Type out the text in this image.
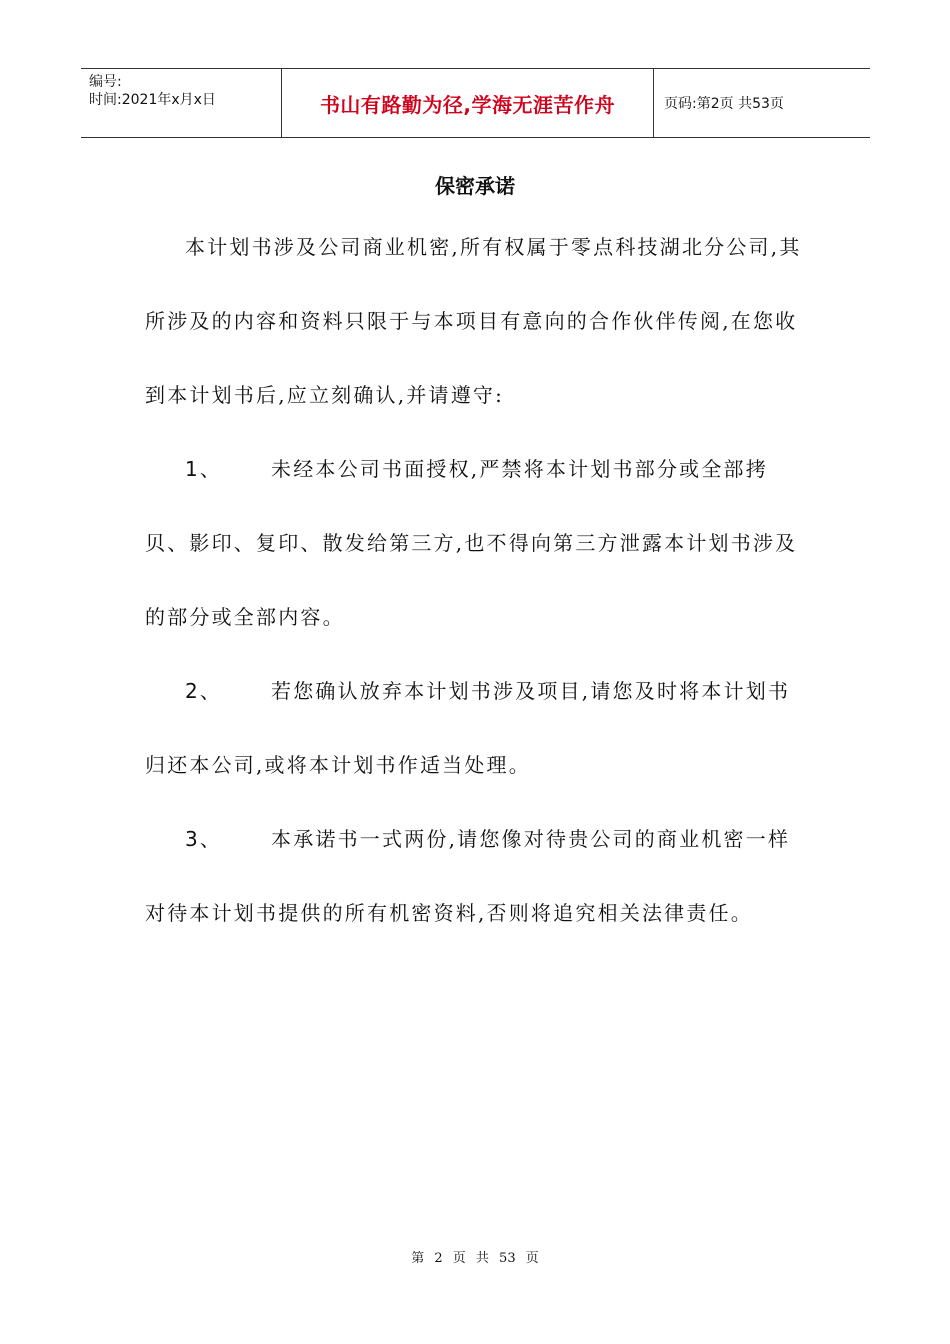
编号:
时间:2021年x月x日	书山有路勤为径,学海无涯苦作舟	页码:第2页 共53页
保密承诺

本计划书涉及公司商业机密,所有权属于零点科技湖北分公司,其所涉及的内容和资料只限于与本项目有意向的合作伙伴传阅,在您收到本计划书后,应立刻确认,并请遵守:

1、 未经本公司书面授权,严禁将本计划书部分或全部拷贝、影印、复印、散发给第三方,也不得向第三方泄露本计划书涉及的部分或全部内容。

2、 若您确认放弃本计划书涉及项目,请您及时将本计划书归还本公司,或将本计划书作适当处理。

3、 本承诺书一式两份,请您像对待贵公司的商业机密一样对待本计划书提供的所有机密资料,否则将追究相关法律责任。

第 2 页 共 53 页
